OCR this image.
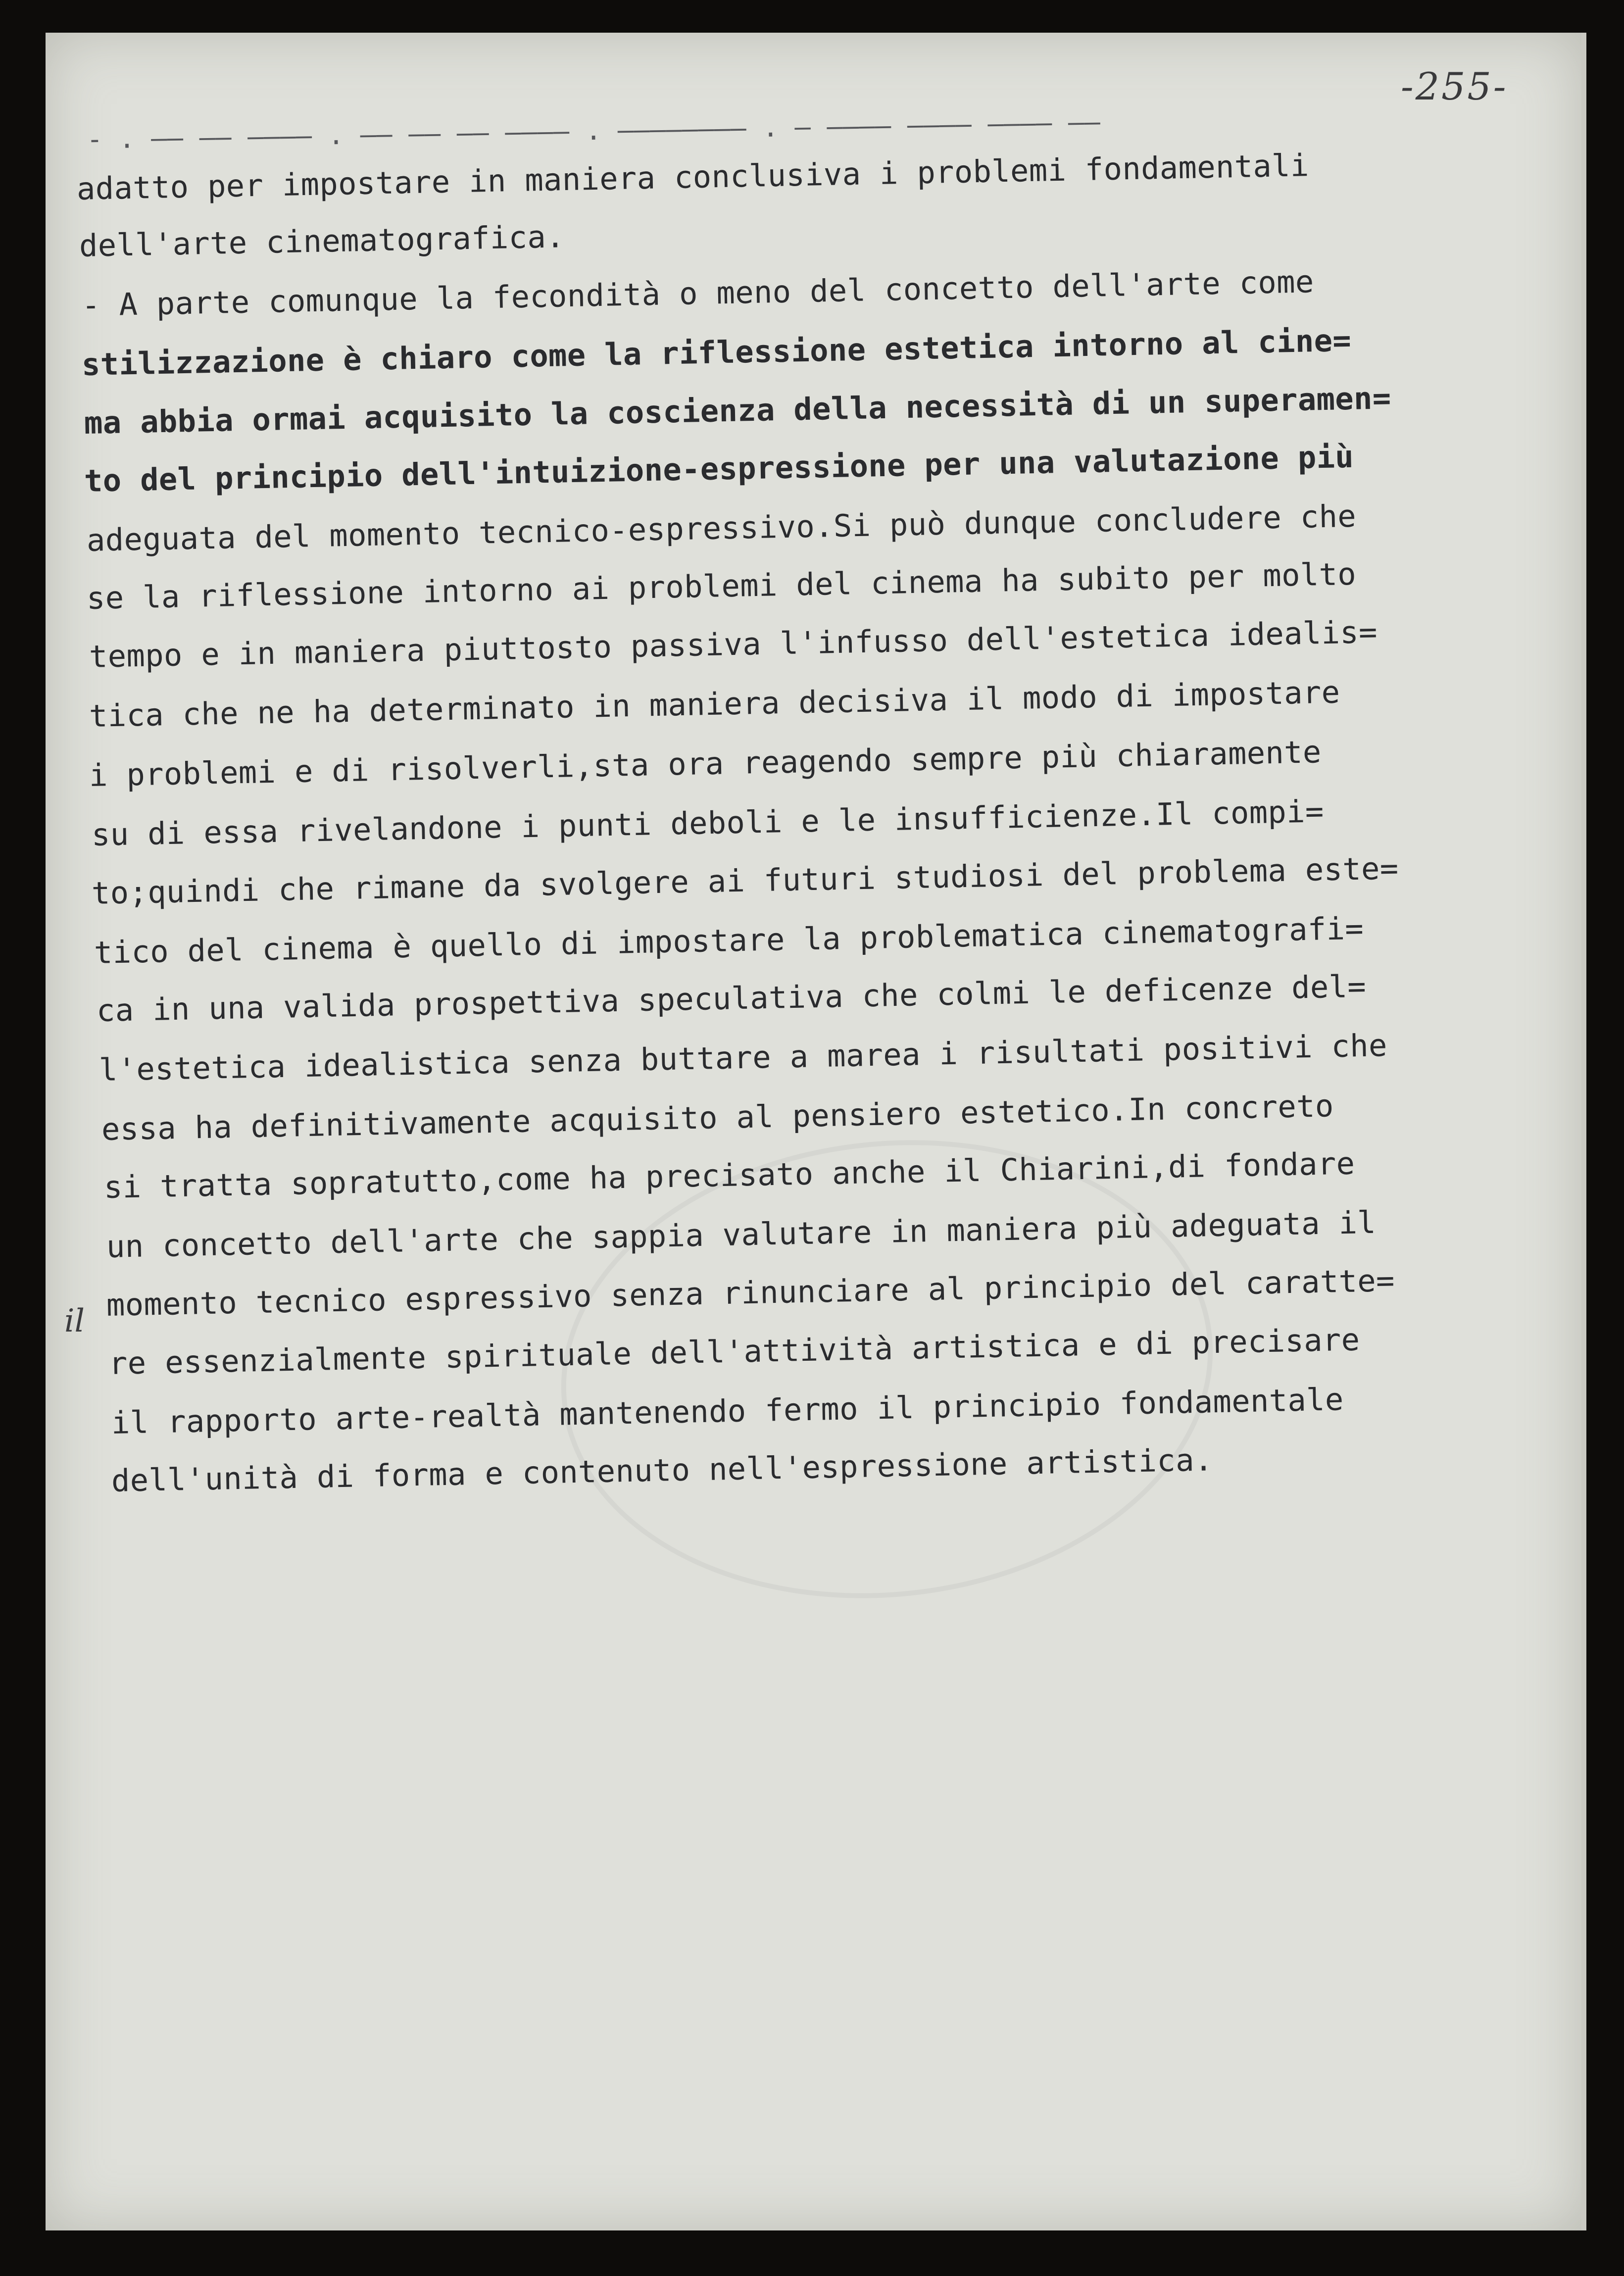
-255-
- . —— —— ———— . —— —— —— ———— . ———————— . — ———— ———— ———— ——
adatto per impostare in maniera conclusiva i problemi fondamentali
dell'arte cinematografica.
- A parte comunque la fecondità o meno del concetto dell'arte come
stilizzazione è chiaro come la riflessione estetica intorno al cine=
ma abbia ormai acquisito la coscienza della necessità di un superamen=
to del principio dell'intuizione-espressione per una valutazione più
adeguata del momento tecnico-espressivo.Si può dunque concludere che
se la riflessione intorno ai problemi del cinema ha subito per molto
tempo e in maniera piuttosto passiva l'infusso dell'estetica idealis=
tica che ne ha determinato in maniera decisiva il modo di impostare
i problemi e di risolverli,sta ora reagendo sempre più chiaramente
su di essa rivelandone i punti deboli e le insufficienze.Il compi=
to;quindi che rimane da svolgere ai futuri studiosi del problema este=
tico del cinema è quello di impostare la problematica cinematografi=
ca in una valida prospettiva speculativa che colmi le deficenze del=
l'estetica idealistica senza buttare a marea i risultati positivi che
essa ha definitivamente acquisito al pensiero estetico.In concreto
si tratta sopratutto,come ha precisato anche il Chiarini,di fondare
un concetto dell'arte che sappia valutare in maniera più adeguata il
momento tecnico espressivo senza rinunciare al principio del caratte=
re essenzialmente spirituale dell'attività artistica e di precisare
il rapporto arte-realtà mantenendo fermo il principio fondamentale
dell'unità di forma e contenuto nell'espressione artistica.
il
